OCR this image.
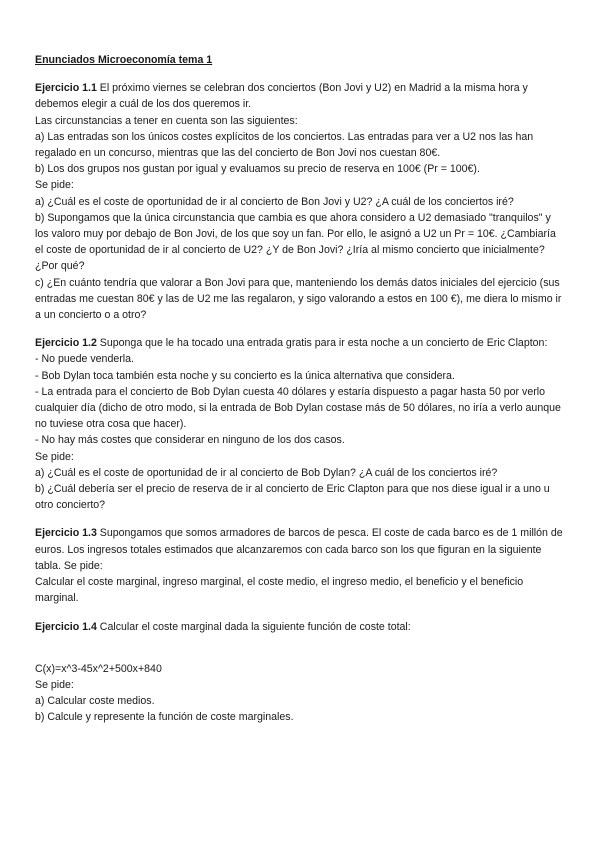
Enunciados Microeconomía tema 1
Ejercicio 1.1 El próximo viernes se celebran dos conciertos (Bon Jovi y U2) en Madrid a la misma hora y debemos elegir a cuál de los dos queremos ir.
Las circunstancias a tener en cuenta son las siguientes:
a) Las entradas son los únicos costes explícitos de los conciertos. Las entradas para ver a U2 nos las han regalado en un concurso, mientras que las del concierto de Bon Jovi nos cuestan 80€.
b) Los dos grupos nos gustan por igual y evaluamos su precio de reserva en 100€ (Pr = 100€).
Se pide:
a) ¿Cuál es el coste de oportunidad de ir al concierto de Bon Jovi y U2? ¿A cuál de los conciertos iré?
b) Supongamos que la única circunstancia que cambia es que ahora considero a U2 demasiado "tranquilos" y los valoro muy por debajo de Bon Jovi, de los que soy un fan. Por ello, le asignó a U2 un Pr = 10€. ¿Cambiaría el coste de oportunidad de ir al concierto de U2? ¿Y de Bon Jovi? ¿Iría al mismo concierto que inicialmente? ¿Por qué?
c) ¿En cuánto tendría que valorar a Bon Jovi para que, manteniendo los demás datos iniciales del ejercicio (sus entradas me cuestan 80€ y las de U2 me las regalaron, y sigo valorando a estos en 100 €), me diera lo mismo ir a un concierto o a otro?
Ejercicio 1.2 Suponga que le ha tocado una entrada gratis para ir esta noche a un concierto de Eric Clapton:
- No puede venderla.
- Bob Dylan toca también esta noche y su concierto es la única alternativa que considera.
- La entrada para el concierto de Bob Dylan cuesta 40 dólares y estaría dispuesto a pagar hasta 50 por verlo cualquier día (dicho de otro modo, si la entrada de Bob Dylan costase más de 50 dólares, no iría a verlo aunque no tuviese otra cosa que hacer).
- No hay más costes que considerar en ninguno de los dos casos.
Se pide:
a) ¿Cuál es el coste de oportunidad de ir al concierto de Bob Dylan? ¿A cuál de los conciertos iré?
b) ¿Cuál debería ser el precio de reserva de ir al concierto de Eric Clapton para que nos diese igual ir a uno u otro concierto?
Ejercicio 1.3 Supongamos que somos armadores de barcos de pesca. El coste de cada barco es de 1 millón de euros. Los ingresos totales estimados que alcanzaremos con cada barco son los que figuran en la siguiente tabla. Se pide:
Calcular el coste marginal, ingreso marginal, el coste medio, el ingreso medio, el beneficio y el beneficio marginal.
Ejercicio 1.4 Calcular el coste marginal dada la siguiente función de coste total:
C(x)=x^3-45x^2+500x+840
Se pide:
a) Calcular coste medios.
b) Calcule y represente la función de coste marginales.
